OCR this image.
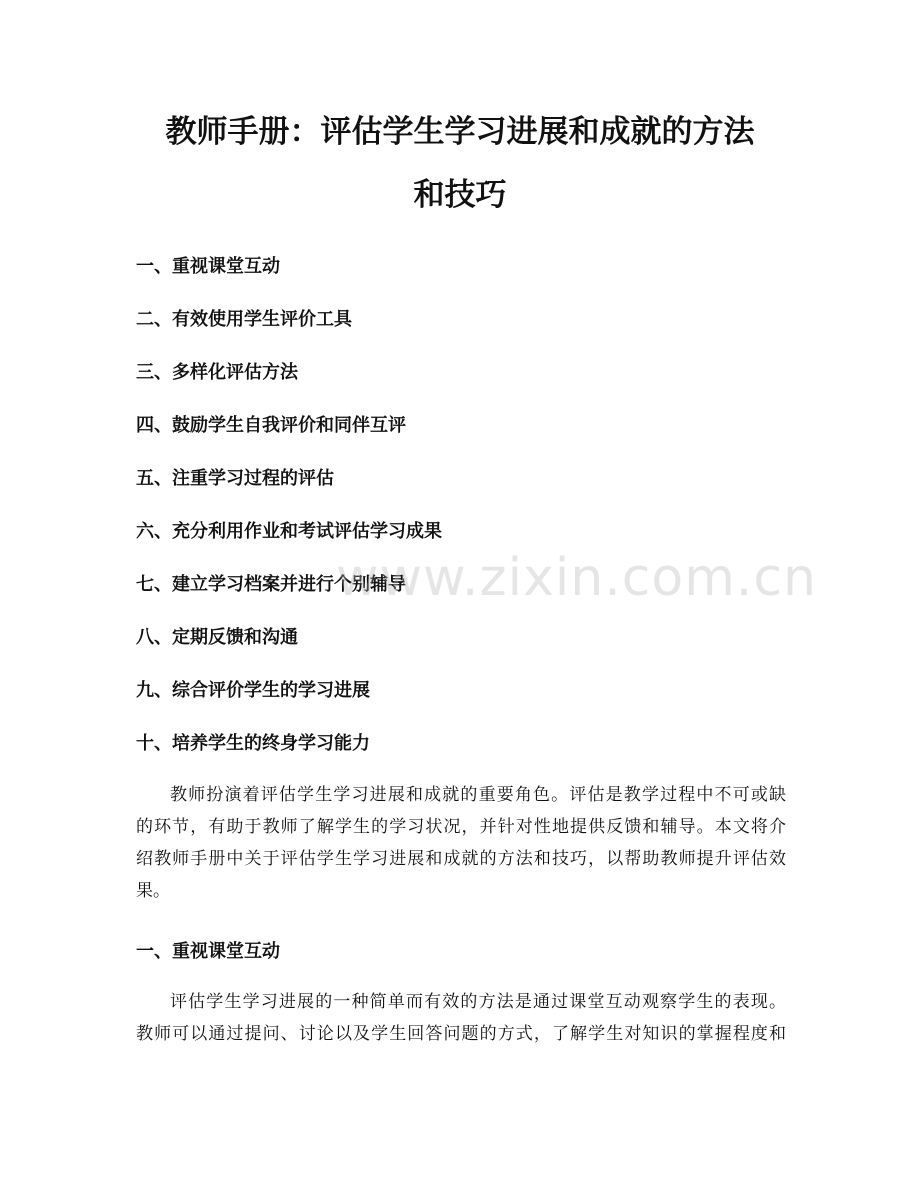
教师手册：评估学生学习进展和成就的方法
和技巧
一、重视课堂互动
二、有效使用学生评价工具
三、多样化评估方法
四、鼓励学生自我评价和同伴互评
五、注重学习过程的评估
六、充分利用作业和考试评估学习成果
七、建立学习档案并进行个别辅导
八、定期反馈和沟通
九、综合评价学生的学习进展
十、培养学生的终身学习能力
教师扮演着评估学生学习进展和成就的重要角色。评估是教学过程中不可或缺
的环节，有助于教师了解学生的学习状况，并针对性地提供反馈和辅导。本文将介
绍教师手册中关于评估学生学习进展和成就的方法和技巧，以帮助教师提升评估效
果。
一、重视课堂互动
评估学生学习进展的一种简单而有效的方法是通过课堂互动观察学生的表现。
教师可以通过提问、讨论以及学生回答问题的方式，了解学生对知识的掌握程度和
www.zixin.com.cn
